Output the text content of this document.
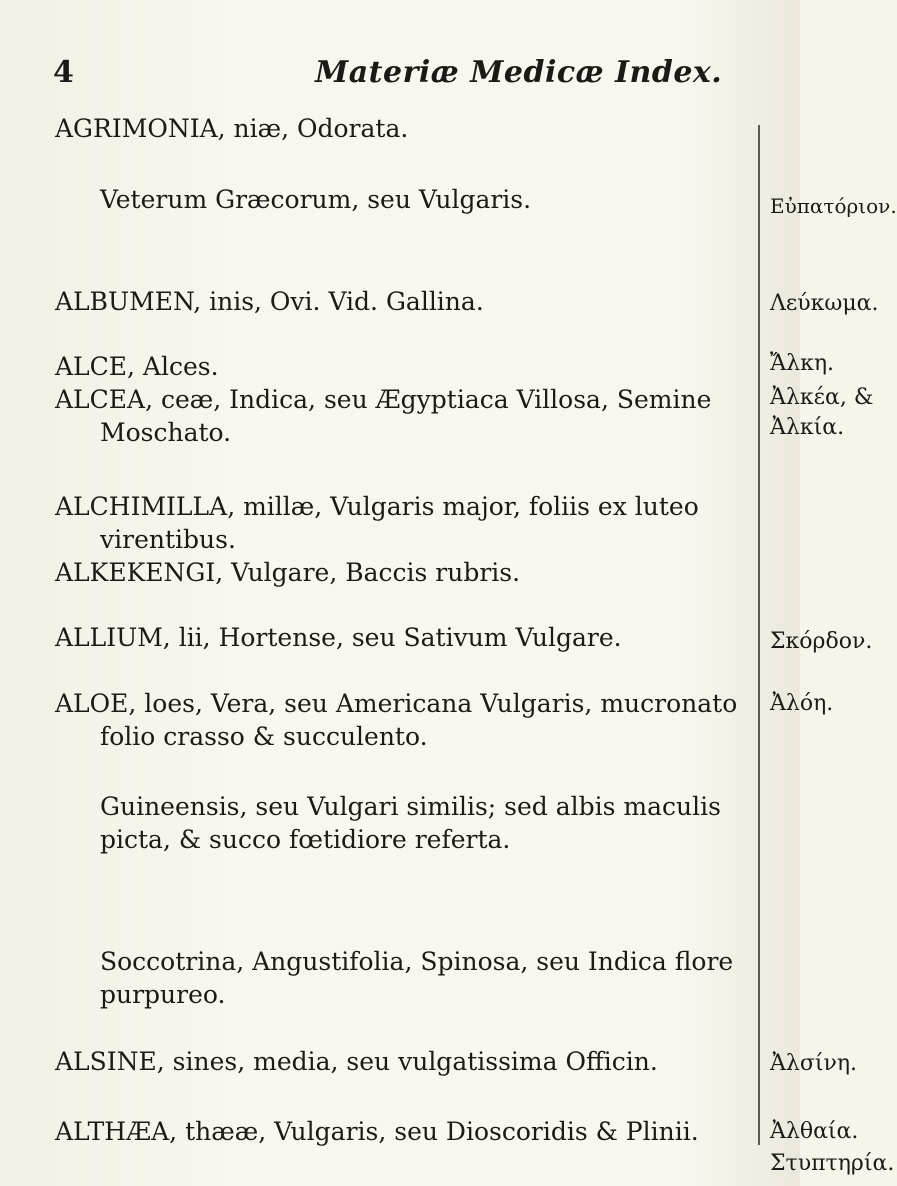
4	Materiæ Medicæ Index.
AGRIMONIA, niæ, Odorata.
Veterum Græcorum, seu Vulgaris.
ALBUMEN, inis, Ovi. Vid. Gallina.
ALCE, Alces.
ALCEA, ceæ, Indica, seu Ægyptiaca Villosa, Semine Moschato.
ALCHIMILLA, millæ, Vulgaris major, foliis ex luteo virentibus.
ALKEKENGI, Vulgare, Baccis rubris.
ALLIUM, lii, Hortense, seu Sativum Vulgare.
ALOE, loes, Vera, seu Americana Vulgaris, mucronato folio crasso & succulento.
Guineensis, seu Vulgari similis; sed albis maculis picta, & succo fœtidiore referta.
Soccotrina, Angustifolia, Spinosa, seu Indica flore purpureo.
ALSINE, sines, media, seu vulgatissima Officin.
ALTHÆA, thææ, Vulgaris, seu Dioscoridis & Plinii.
Εὐπατόριον.
Λεύκωμα.
Ἄλκη.
Ἀλκέα, &
Ἀλκία.
Σκόρδον.
Ἀλόη.
Ἀλσίνη.
Ἀλθαία.
Στυπτηρία.
